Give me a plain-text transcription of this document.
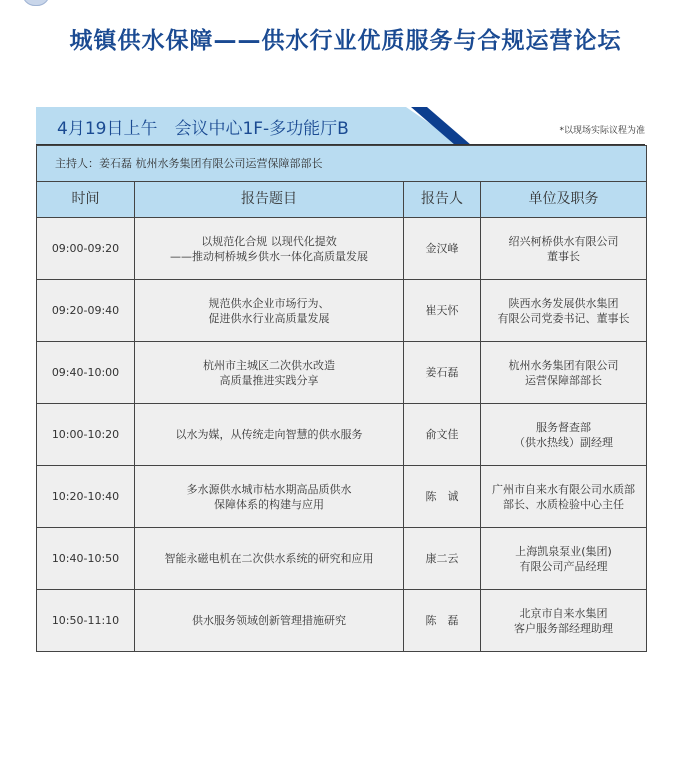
城镇供水保障——供水行业优质服务与合规运营论坛
4月19日上午　会议中心1F-多功能厅B	*以现场实际议程为准
主持人：姜石磊 杭州水务集团有限公司运营保障部部长			
时间	报告题目	报告人	单位及职务
09:00-09:20	以规范化合规 以现代化提效
——推动柯桥城乡供水一体化高质量发展	金汉峰	绍兴柯桥供水有限公司
董事长

09:20-09:40	规范供水企业市场行为、
促进供水行业高质量发展	崔天怀	陕西水务发展供水集团
有限公司党委书记、董事长

09:40-10:00	杭州市主城区二次供水改造
高质量推进实践分享	姜石磊	杭州水务集团有限公司
运营保障部部长

10:00-10:20	以水为媒，从传统走向智慧的供水服务	俞文佳	服务督查部
（供水热线）副经理

10:20-10:40	多水源供水城市枯水期高品质供水
保障体系的构建与应用	陈　诚	广州市自来水有限公司水质部
部长、水质检验中心主任

10:40-10:50	智能永磁电机在二次供水系统的研究和应用	康二云	上海凯泉泵业(集团)
有限公司产品经理

10:50-11:10	供水服务领域创新管理措施研究	陈　磊	北京市自来水集团
客户服务部经理助理
